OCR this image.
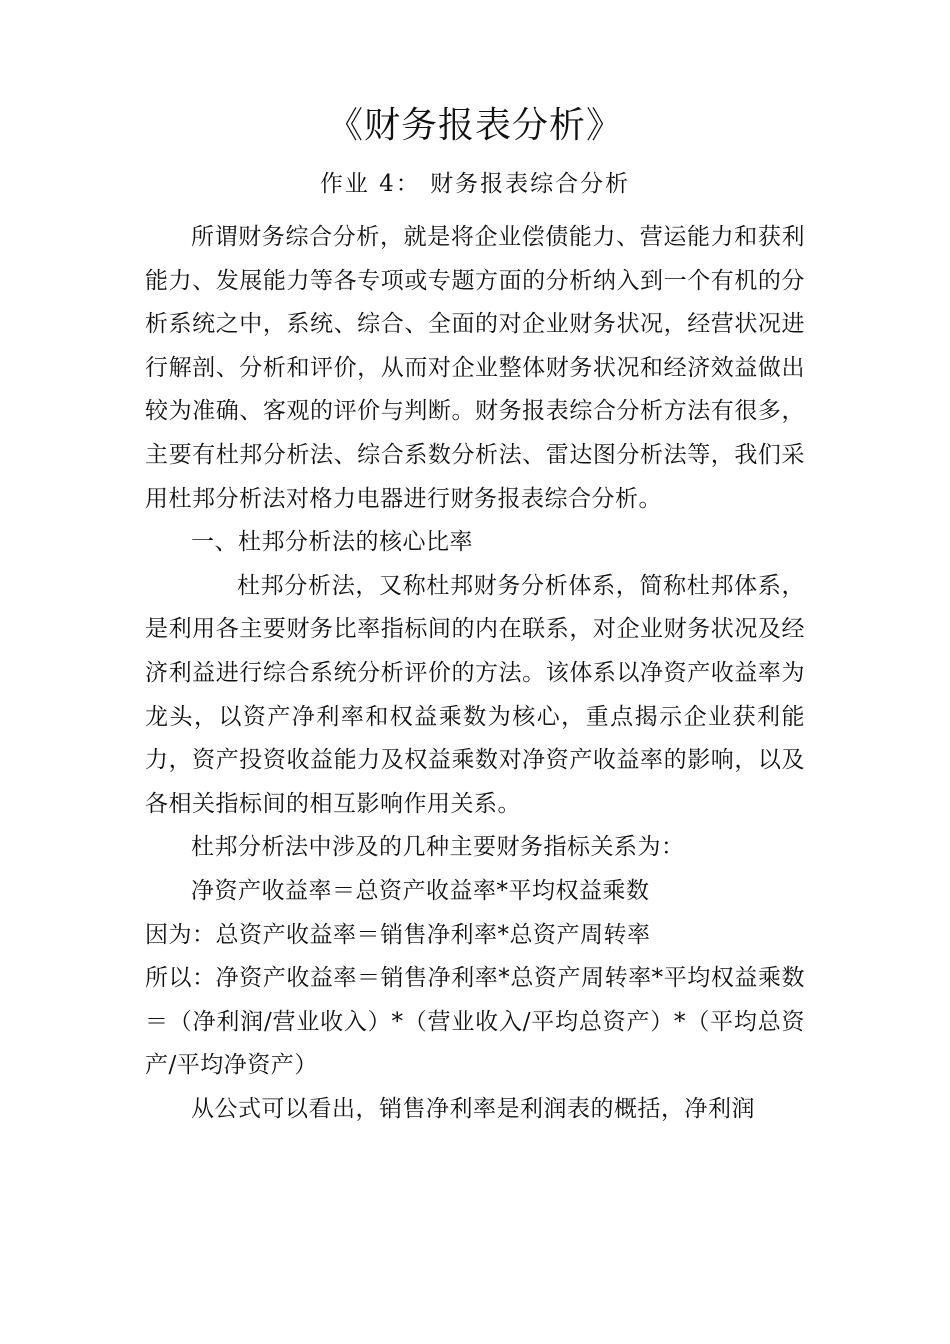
《财务报表分析》
作业 4： 财务报表综合分析

所谓财务综合分析，就是将企业偿债能力、营运能力和获利能力、发展能力等各专项或专题方面的分析纳入到一个有机的分析系统之中，系统、综合、全面的对企业财务状况，经营状况进行解剖、分析和评价，从而对企业整体财务状况和经济效益做出较为准确、客观的评价与判断。财务报表综合分析方法有很多，主要有杜邦分析法、综合系数分析法、雷达图分析法等，我们采用杜邦分析法对格力电器进行财务报表综合分析。

一、杜邦分析法的核心比率

杜邦分析法，又称杜邦财务分析体系，简称杜邦体系，是利用各主要财务比率指标间的内在联系，对企业财务状况及经济利益进行综合系统分析评价的方法。该体系以净资产收益率为龙头，以资产净利率和权益乘数为核心，重点揭示企业获利能力，资产投资收益能力及权益乘数对净资产收益率的影响，以及各相关指标间的相互影响作用关系。

杜邦分析法中涉及的几种主要财务指标关系为：

净资产收益率＝总资产收益率*平均权益乘数

因为：总资产收益率＝销售净利率*总资产周转率

所以：净资产收益率＝销售净利率*总资产周转率*平均权益乘数＝（净利润/营业收入）*（营业收入/平均总资产）*（平均总资产/平均净资产）

从公式可以看出，销售净利率是利润表的概括，净利润
